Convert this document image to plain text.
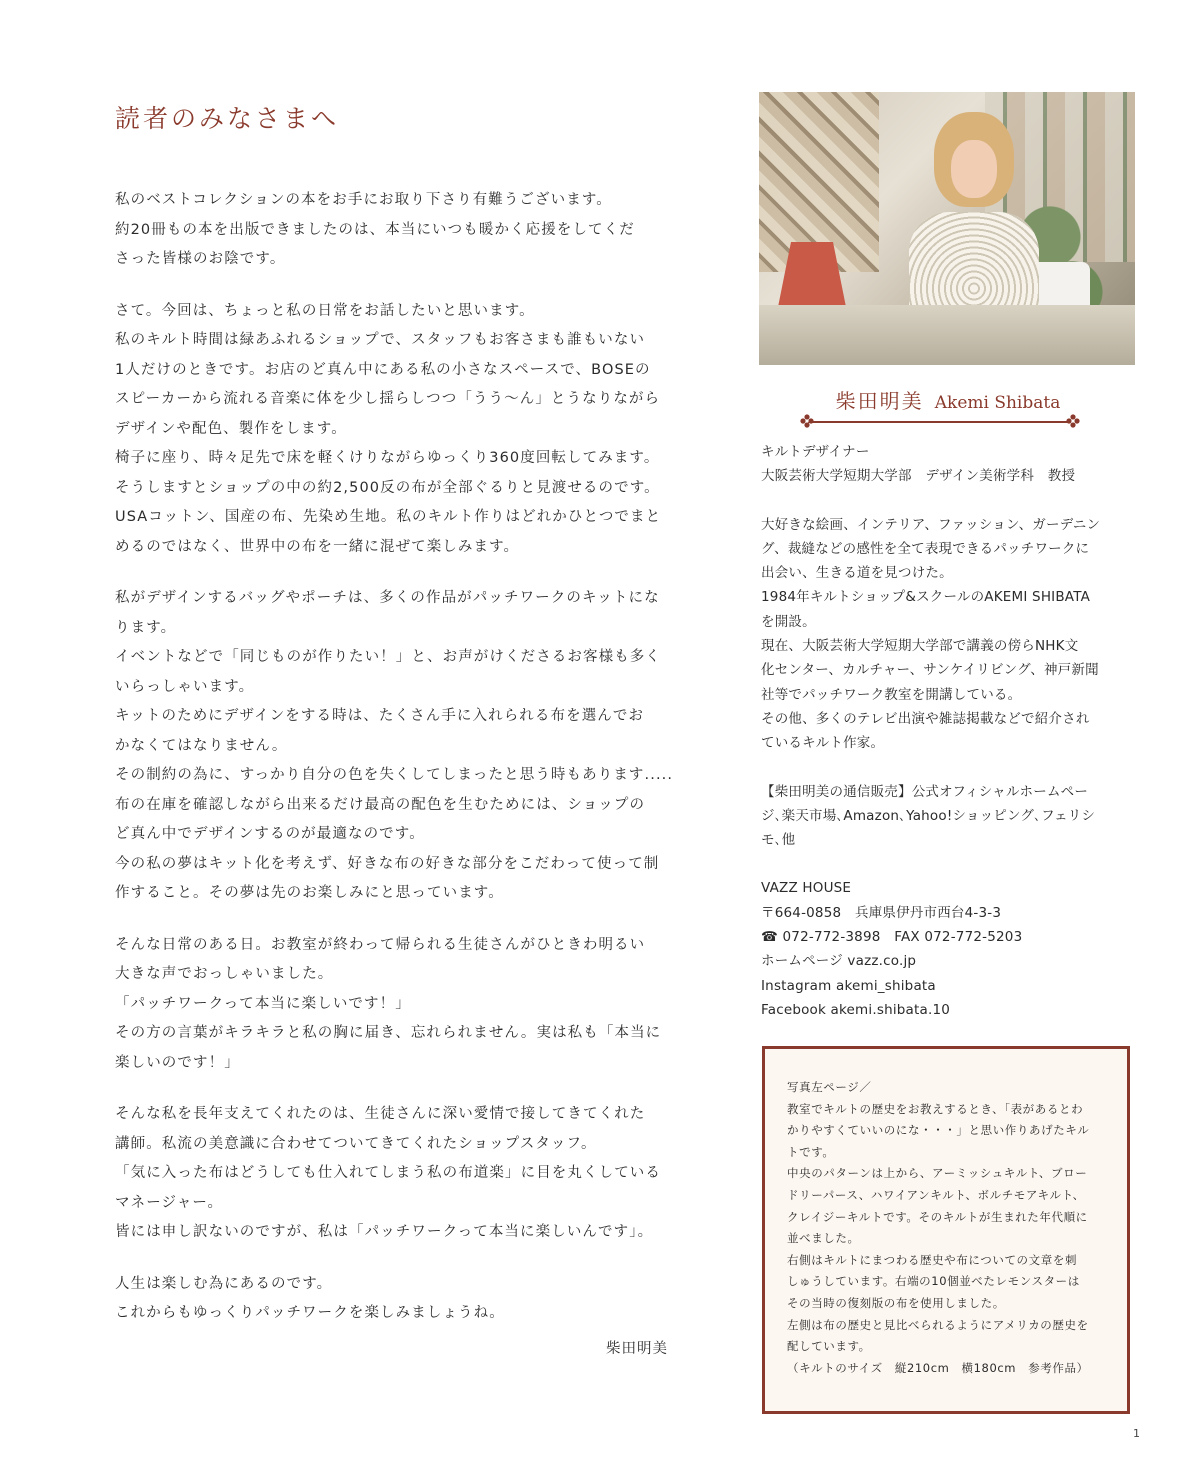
読者のみなさまへ
私のベストコレクションの本をお手にお取り下さり有難うございます。
約20冊もの本を出版できましたのは、本当にいつも暖かく応援をしてくだ
さった皆様のお陰です。
さて。今回は、ちょっと私の日常をお話したいと思います。
私のキルト時間は緑あふれるショップで、スタッフもお客さまも誰もいない
1人だけのときです。お店のど真ん中にある私の小さなスペースで、BOSEの
スピーカーから流れる音楽に体を少し揺らしつつ「うう〜ん」とうなりながら
デザインや配色、製作をします。
椅子に座り、時々足先で床を軽くけりながらゆっくり360度回転してみます。
そうしますとショップの中の約2,500反の布が全部ぐるりと見渡せるのです。
USAコットン、国産の布、先染め生地。私のキルト作りはどれかひとつでまと
めるのではなく、世界中の布を一緒に混ぜて楽しみます。
私がデザインするバッグやポーチは、多くの作品がパッチワークのキットにな
ります。
イベントなどで「同じものが作りたい！」と、お声がけくださるお客様も多く
いらっしゃいます。
キットのためにデザインをする時は、たくさん手に入れられる布を選んでお
かなくてはなりません。
その制約の為に、すっかり自分の色を失くしてしまったと思う時もあります.....
布の在庫を確認しながら出来るだけ最高の配色を生むためには、ショップの
ど真ん中でデザインするのが最適なのです。
今の私の夢はキット化を考えず、好きな布の好きな部分をこだわって使って制
作すること。その夢は先のお楽しみにと思っています。
そんな日常のある日。お教室が終わって帰られる生徒さんがひときわ明るい
大きな声でおっしゃいました。
「パッチワークって本当に楽しいです！」
その方の言葉がキラキラと私の胸に届き、忘れられません。実は私も「本当に
楽しいのです！」
そんな私を長年支えてくれたのは、生徒さんに深い愛情で接してきてくれた
講師。私流の美意識に合わせてついてきてくれたショップスタッフ。
「気に入った布はどうしても仕入れてしまう私の布道楽」に目を丸くしている
マネージャー。
皆には申し訳ないのですが、私は「パッチワークって本当に楽しいんです」。
人生は楽しむ為にあるのです。
これからもゆっくりパッチワークを楽しみましょうね。
柴田明美
柴田明美 Akemi Shibata
キルトデザイナー
大阪芸術大学短期大学部　デザイン美術学科　教授
大好きな絵画、インテリア、ファッション、ガーデニン
グ、裁縫などの感性を全て表現できるパッチワークに
出会い、生きる道を見つけた。
1984年キルトショップ&スクールのAKEMI SHIBATA
を開設。
現在、大阪芸術大学短期大学部で講義の傍らNHK文
化センター、カルチャー、サンケイリビング、神戸新聞
社等でパッチワーク教室を開講している。
その他、多くのテレビ出演や雑誌掲載などで紹介され
ているキルト作家。
【柴田明美の通信販売】公式オフィシャルホームペー
ジ､楽天市場､Amazon､Yahoo!ショッピング､フェリシ
モ､他
VAZZ HOUSE
〒664-0858　兵庫県伊丹市西台4-3-3
☎ 072-772-3898　FAX 072-772-5203
ホームページ vazz.co.jp
Instagram akemi_shibata
Facebook akemi.shibata.10
写真左ページ／
教室でキルトの歴史をお教えするとき、「表があるとわ
かりやすくていいのにな・・・」と思い作りあげたキル
トです。
中央のパターンは上から、アーミッシュキルト、ブロー
ドリーパース、ハワイアンキルト、ボルチモアキルト、
クレイジーキルトです。そのキルトが生まれた年代順に
並べました。
右側はキルトにまつわる歴史や布についての文章を刺
しゅうしています。右端の10個並べたレモンスターは
その当時の復刻版の布を使用しました。
左側は布の歴史と見比べられるようにアメリカの歴史を
配しています。
（キルトのサイズ　縦210cm　横180cm　参考作品）
1
